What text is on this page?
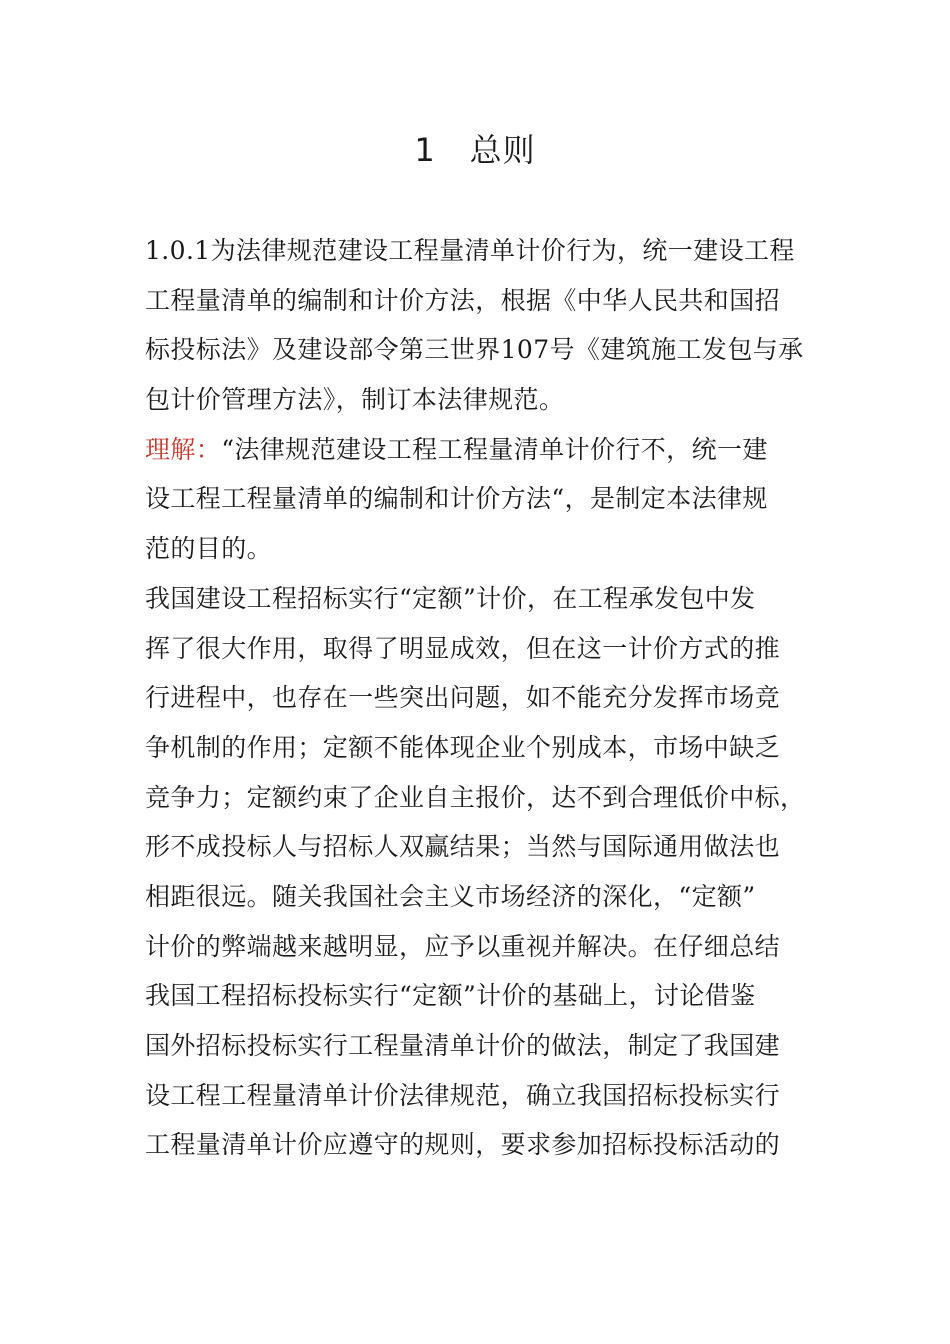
1 总则
1.0.1为法律规范建设工程量清单计价行为，统一建设工程
工程量清单的编制和计价方法，根据《中华人民共和国招
标投标法》及建设部令第三世界107号《建筑施工发包与承
包计价管理方法》，制订本法律规范。
理解：“法律规范建设工程工程量清单计价行不，统一建
设工程工程量清单的编制和计价方法“，是制定本法律规
范的目的。
我国建设工程招标实行“定额”计价，在工程承发包中发
挥了很大作用，取得了明显成效，但在这一计价方式的推
行进程中，也存在一些突出问题，如不能充分发挥市场竞
争机制的作用；定额不能体现企业个别成本，市场中缺乏
竞争力；定额约束了企业自主报价，达不到合理低价中标，
形不成投标人与招标人双赢结果；当然与国际通用做法也
相距很远。随关我国社会主义市场经济的深化，“定额”
计价的弊端越来越明显，应予以重视并解决。在仔细总结
我国工程招标投标实行“定额”计价的基础上，讨论借鉴
国外招标投标实行工程量清单计价的做法，制定了我国建
设工程工程量清单计价法律规范，确立我国招标投标实行
工程量清单计价应遵守的规则，要求参加招标投标活动的
